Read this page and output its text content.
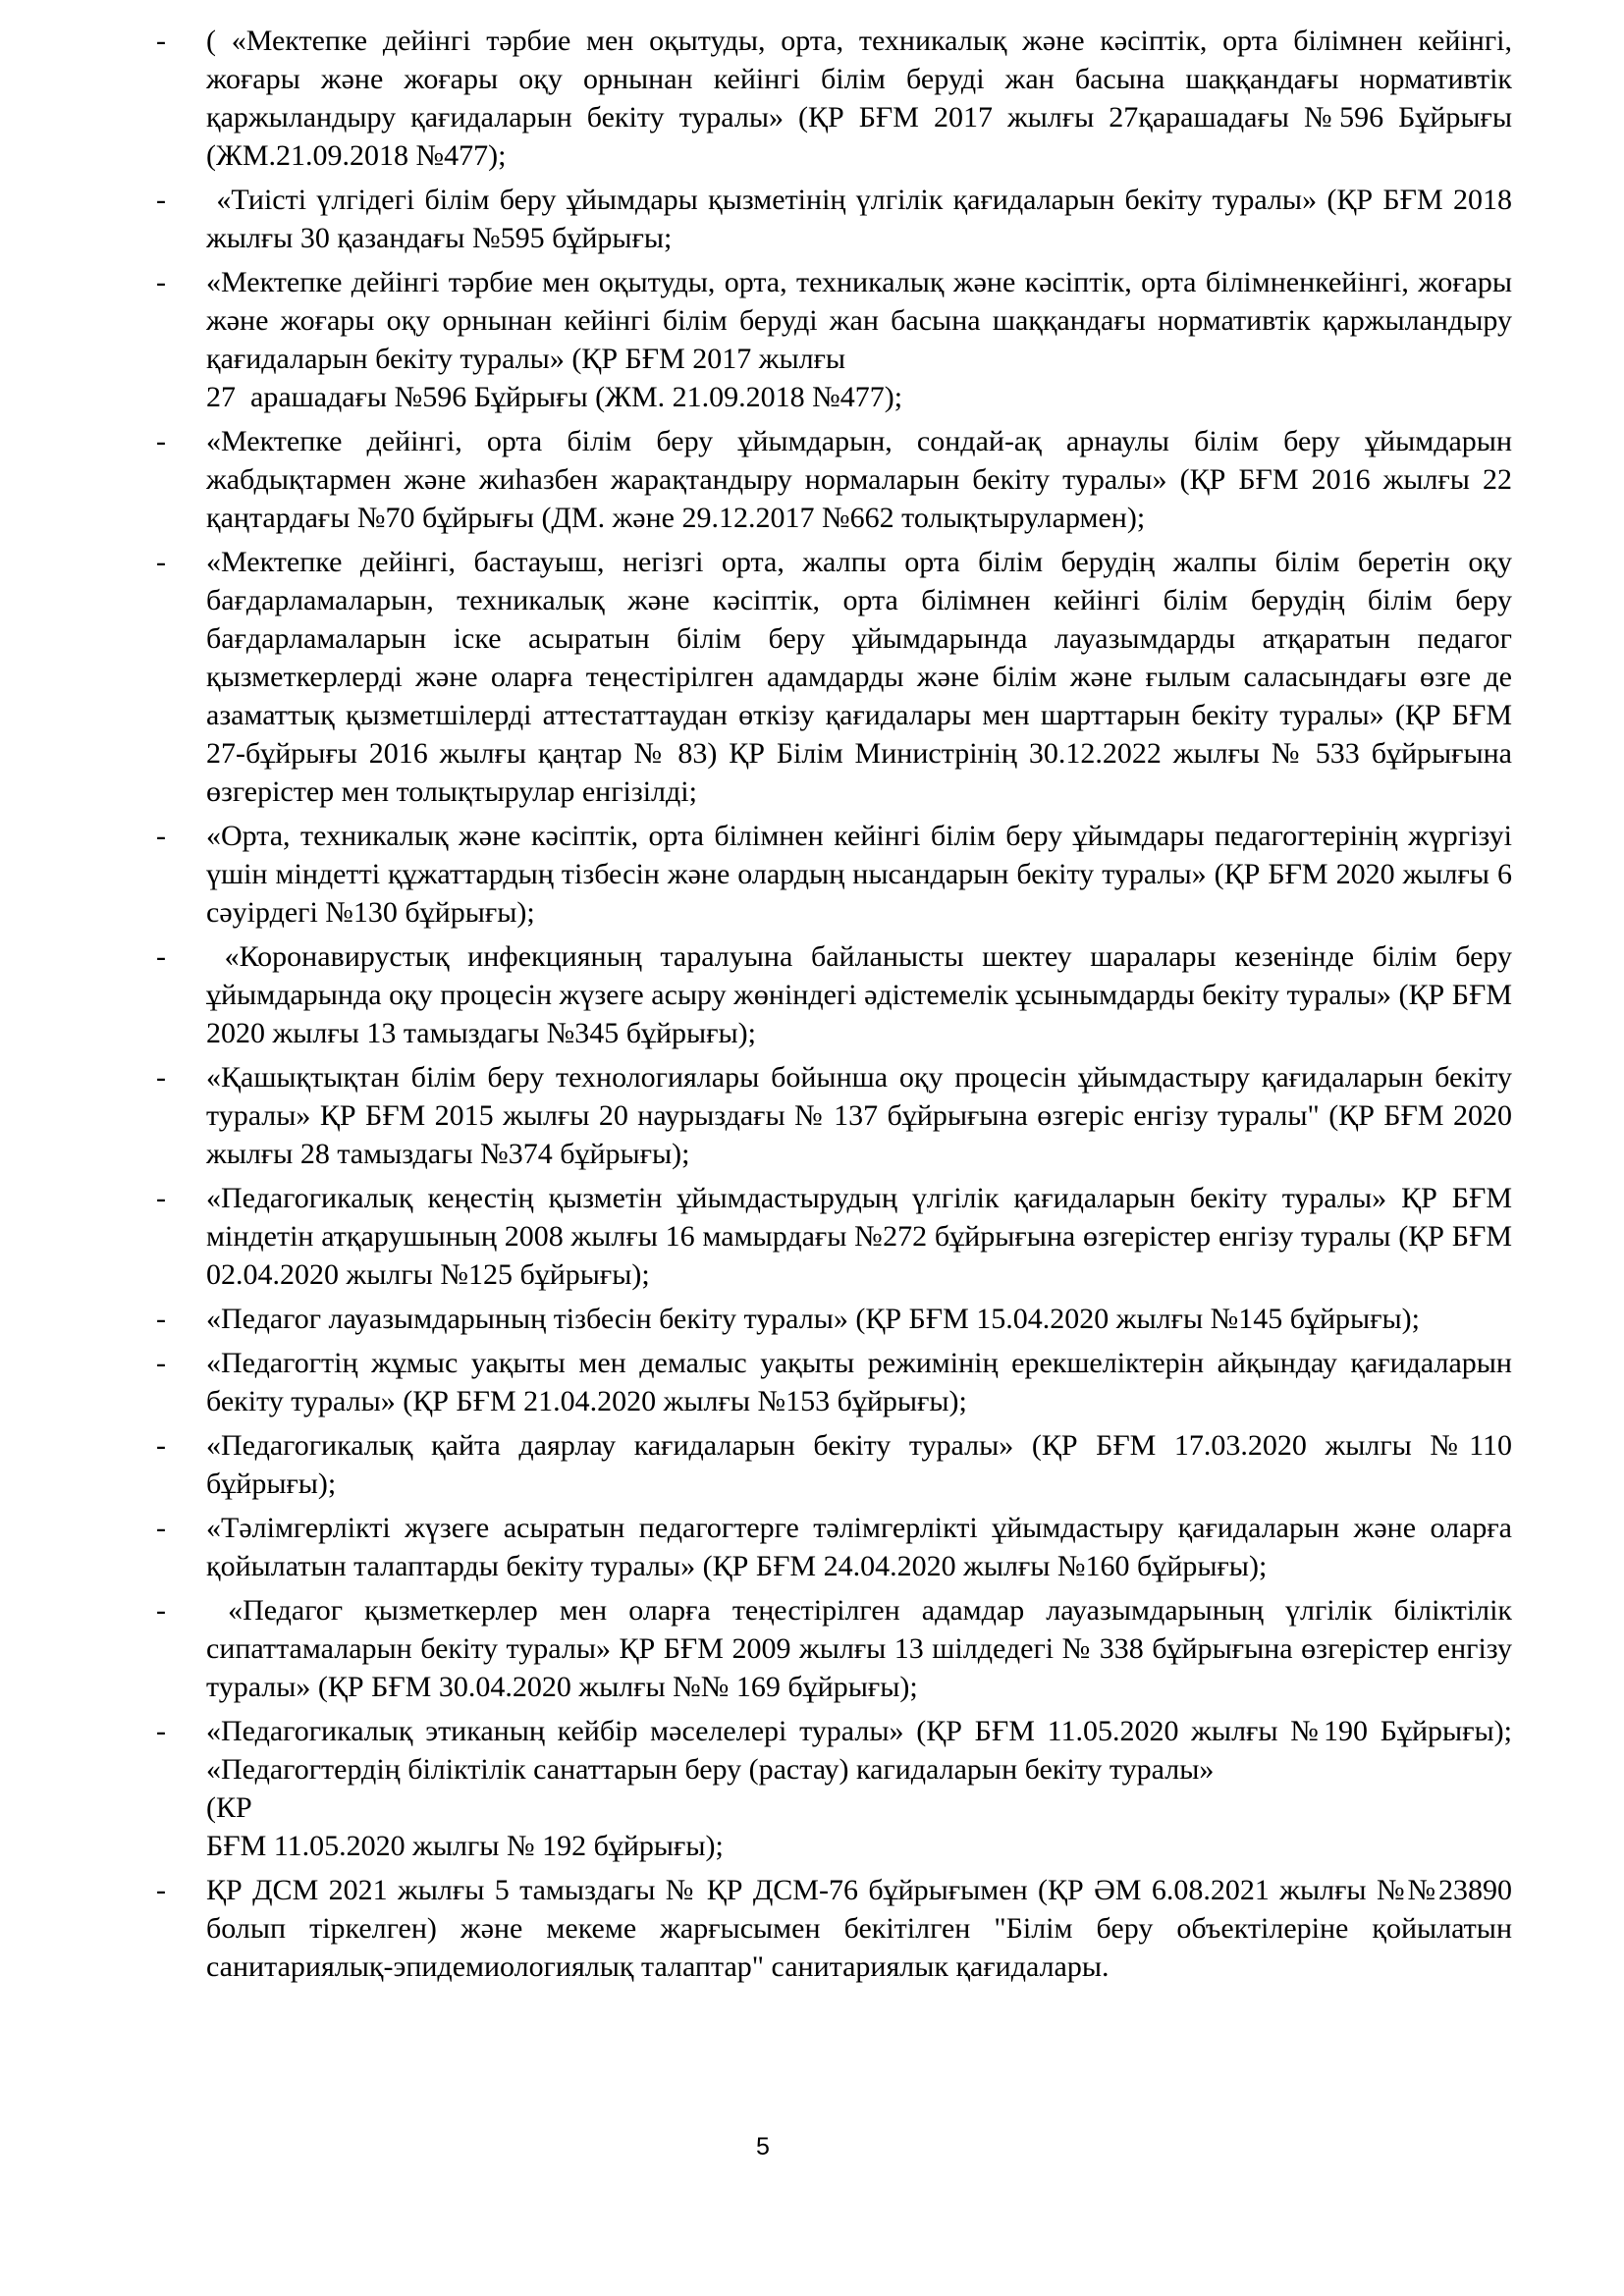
- ( «Мектепке дейінгі тәрбие мен оқытуды, орта, техникалық және кәсіптік, орта білімнен кейінгі, жоғары және жоғары оқу орнынан кейінгі білім беруді жан басына шаққандағы нормативтік қаржыландыру қағидаларын бекіту туралы» (ҚР БҒМ 2017 жылғы 27қарашадағы №596 Бұйрығы (ЖМ.21.09.2018 №477);
- «Тиісті үлгідегі білім беру ұйымдары қызметінің үлгілік қағидаларын бекіту туралы» (ҚР БҒМ 2018 жылғы 30 қазандағы №595 бұйрығы;
- «Мектепке дейінгі тәрбие мен оқытуды, орта, техникалық және кәсіптік, орта білімненкейінгі, жоғары және жоғары оқу орнынан кейінгі білім беруді жан басына шаққандағы нормативтік қаржыландыру қағидаларын бекіту туралы» (ҚР БҒМ 2017 жылғы
27  арашадағы №596 Бұйрығы (ЖМ. 21.09.2018 №477);
- «Мектепке дейінгі, орта білім беру ұйымдарын, сондай-ақ арнаулы білім беру ұйымдарын жабдықтармен және жиһазбен жарақтандыру нормаларын бекіту туралы» (ҚР БҒМ 2016 жылғы 22 қаңтардағы №70 бұйрығы (ДМ. және 29.12.2017 №662 толықтырулармен);
- «Мектепке дейінгі, бастауыш, негізгі орта, жалпы орта білім берудің жалпы білім беретін оқу бағдарламаларын, техникалық және кәсіптік, орта білімнен кейінгі білім берудің білім беру бағдарламаларын іске асыратын білім беру ұйымдарында лауазымдарды атқаратын педагог қызметкерлерді және оларға теңестірілген адамдарды және білім және ғылым саласындағы өзге де азаматтық қызметшілерді аттестаттаудан өткізу қағидалары мен шарттарын бекіту туралы» (ҚР БҒМ 27-бұйрығы 2016 жылғы қаңтар № 83) ҚР Білім Министрінің 30.12.2022 жылғы № 533 бұйрығына өзгерістер мен толықтырулар енгізілді;
- «Орта, техникалық және кәсіптік, орта білімнен кейінгі білім беру ұйымдары педагогтерінің жүргізуі үшін міндетті құжаттардың тізбесін және олардың нысандарын бекіту туралы» (ҚР БҒМ 2020 жылғы 6 сәуірдегі №130 бұйрығы);
- «Коронавирустық инфекцияның таралуына байланысты шектеу шаралары кезенінде білім беру ұйымдарында оқу процесін жүзеге асыру жөніндегі әдістемелік ұсынымдарды бекіту туралы» (ҚР БҒМ 2020 жылғы 13 тамыздагы №345 бұйрығы);
- «Қашықтықтан білім беру технологиялары бойынша оқу процесін ұйымдастыру қағидаларын бекіту туралы» ҚР БҒМ 2015 жылғы 20 наурыздағы № 137 бұйрығына өзгеріс енгізу туралы" (ҚР БҒМ 2020 жылғы 28 тамыздагы №374 бұйрығы);
- «Педагогикалық кеңестің қызметін ұйымдастырудың үлгілік қағидаларын бекіту туралы» ҚР БҒМ міндетін атқарушының 2008 жылғы 16 мамырдағы №272 бұйрығына өзгерістер енгізу туралы (ҚР БҒМ 02.04.2020 жылгы №125 бұйрығы);
- «Педагог лауазымдарының тізбесін бекіту туралы» (ҚР БҒМ 15.04.2020 жылғы №145 бұйрығы);
- «Педагогтің жұмыс уақыты мен демалыс уақыты режимінің ерекшеліктерін айқындау қағидаларын бекіту туралы» (ҚР БҒМ 21.04.2020 жылғы №153 бұйрығы);
- «Педагогикалық қайта даярлау кағидаларын бекіту туралы» (ҚР БҒМ 17.03.2020 жылгы №110 бұйрығы);
- «Тәлімгерлікті жүзеге асыратын педагогтерге тәлімгерлікті ұйымдастыру қағидаларын және оларға қойылатын талаптарды бекіту туралы» (ҚР БҒМ 24.04.2020 жылғы №160 бұйрығы);
- «Педагог қызметкерлер мен оларға теңестірілген адамдар лауазымдарының үлгілік біліктілік сипаттамаларын бекіту туралы» ҚР БҒМ 2009 жылғы 13 шілдедегі № 338 бұйрығына өзгерістер енгізу туралы» (ҚР БҒМ 30.04.2020 жылғы №№ 169 бұйрығы);
- «Педагогикалық этиканың кейбір мәселелері туралы» (ҚР БҒМ 11.05.2020 жылғы №190 Бұйрығы); «Педагогтердің біліктілік санаттарын беру (растау) кагидаларын бекіту туралы»
(КР
БҒМ 11.05.2020 жылгы № 192 бұйрығы);
- ҚР ДСМ 2021 жылғы 5 тамыздагы № ҚР ДСМ-76 бұйрығымен (ҚР ӘМ 6.08.2021 жылғы №№23890 болып тіркелген) және мекеме жарғысымен бекітілген "Білім беру объектілеріне қойылатын санитариялық-эпидемиологиялық талаптар" санитариялык қағидалары.
5
